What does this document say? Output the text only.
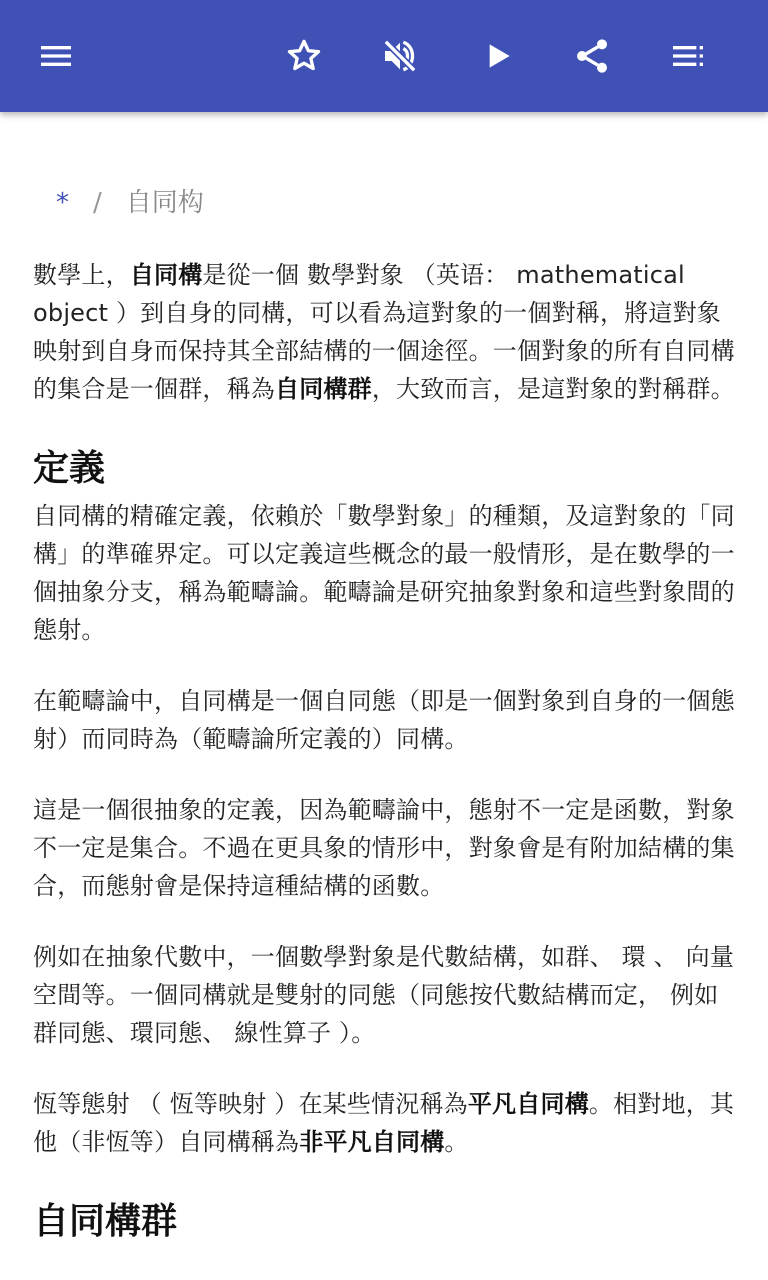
* / 自同构

數學上，自同構是從一個 數學對象 （英语： mathematical object ）到自身的同構，可以看為這對象的一個對稱，將這對象映射到自身而保持其全部結構的一個途徑。一個對象的所有自同構的集合是一個群，稱為自同構群，大致而言，是這對象的對稱群。

定義

自同構的精確定義，依賴於「數學對象」的種類，及這對象的「同構」的準確界定。可以定義這些概念的最一般情形，是在數學的一個抽象分支，稱為範疇論。範疇論是研究抽象對象和這些對象間的態射。

在範疇論中，自同構是一個自同態（即是一個對象到自身的一個態射）而同時為（範疇論所定義的）同構。

這是一個很抽象的定義，因為範疇論中，態射不一定是函數，對象不一定是集合。不過在更具象的情形中，對象會是有附加結構的集合，而態射會是保持這種結構的函數。

例如在抽象代數中，一個數學對象是代數結構，如群、 環 、 向量空間等。一個同構就是雙射的同態（同態按代數結構而定， 例如群同態、環同態、 線性算子 ）。

恆等態射 （ 恆等映射 ）在某些情況稱為平凡自同構。相對地，其他（非恆等）自同構稱為非平凡自同構。

自同構群
